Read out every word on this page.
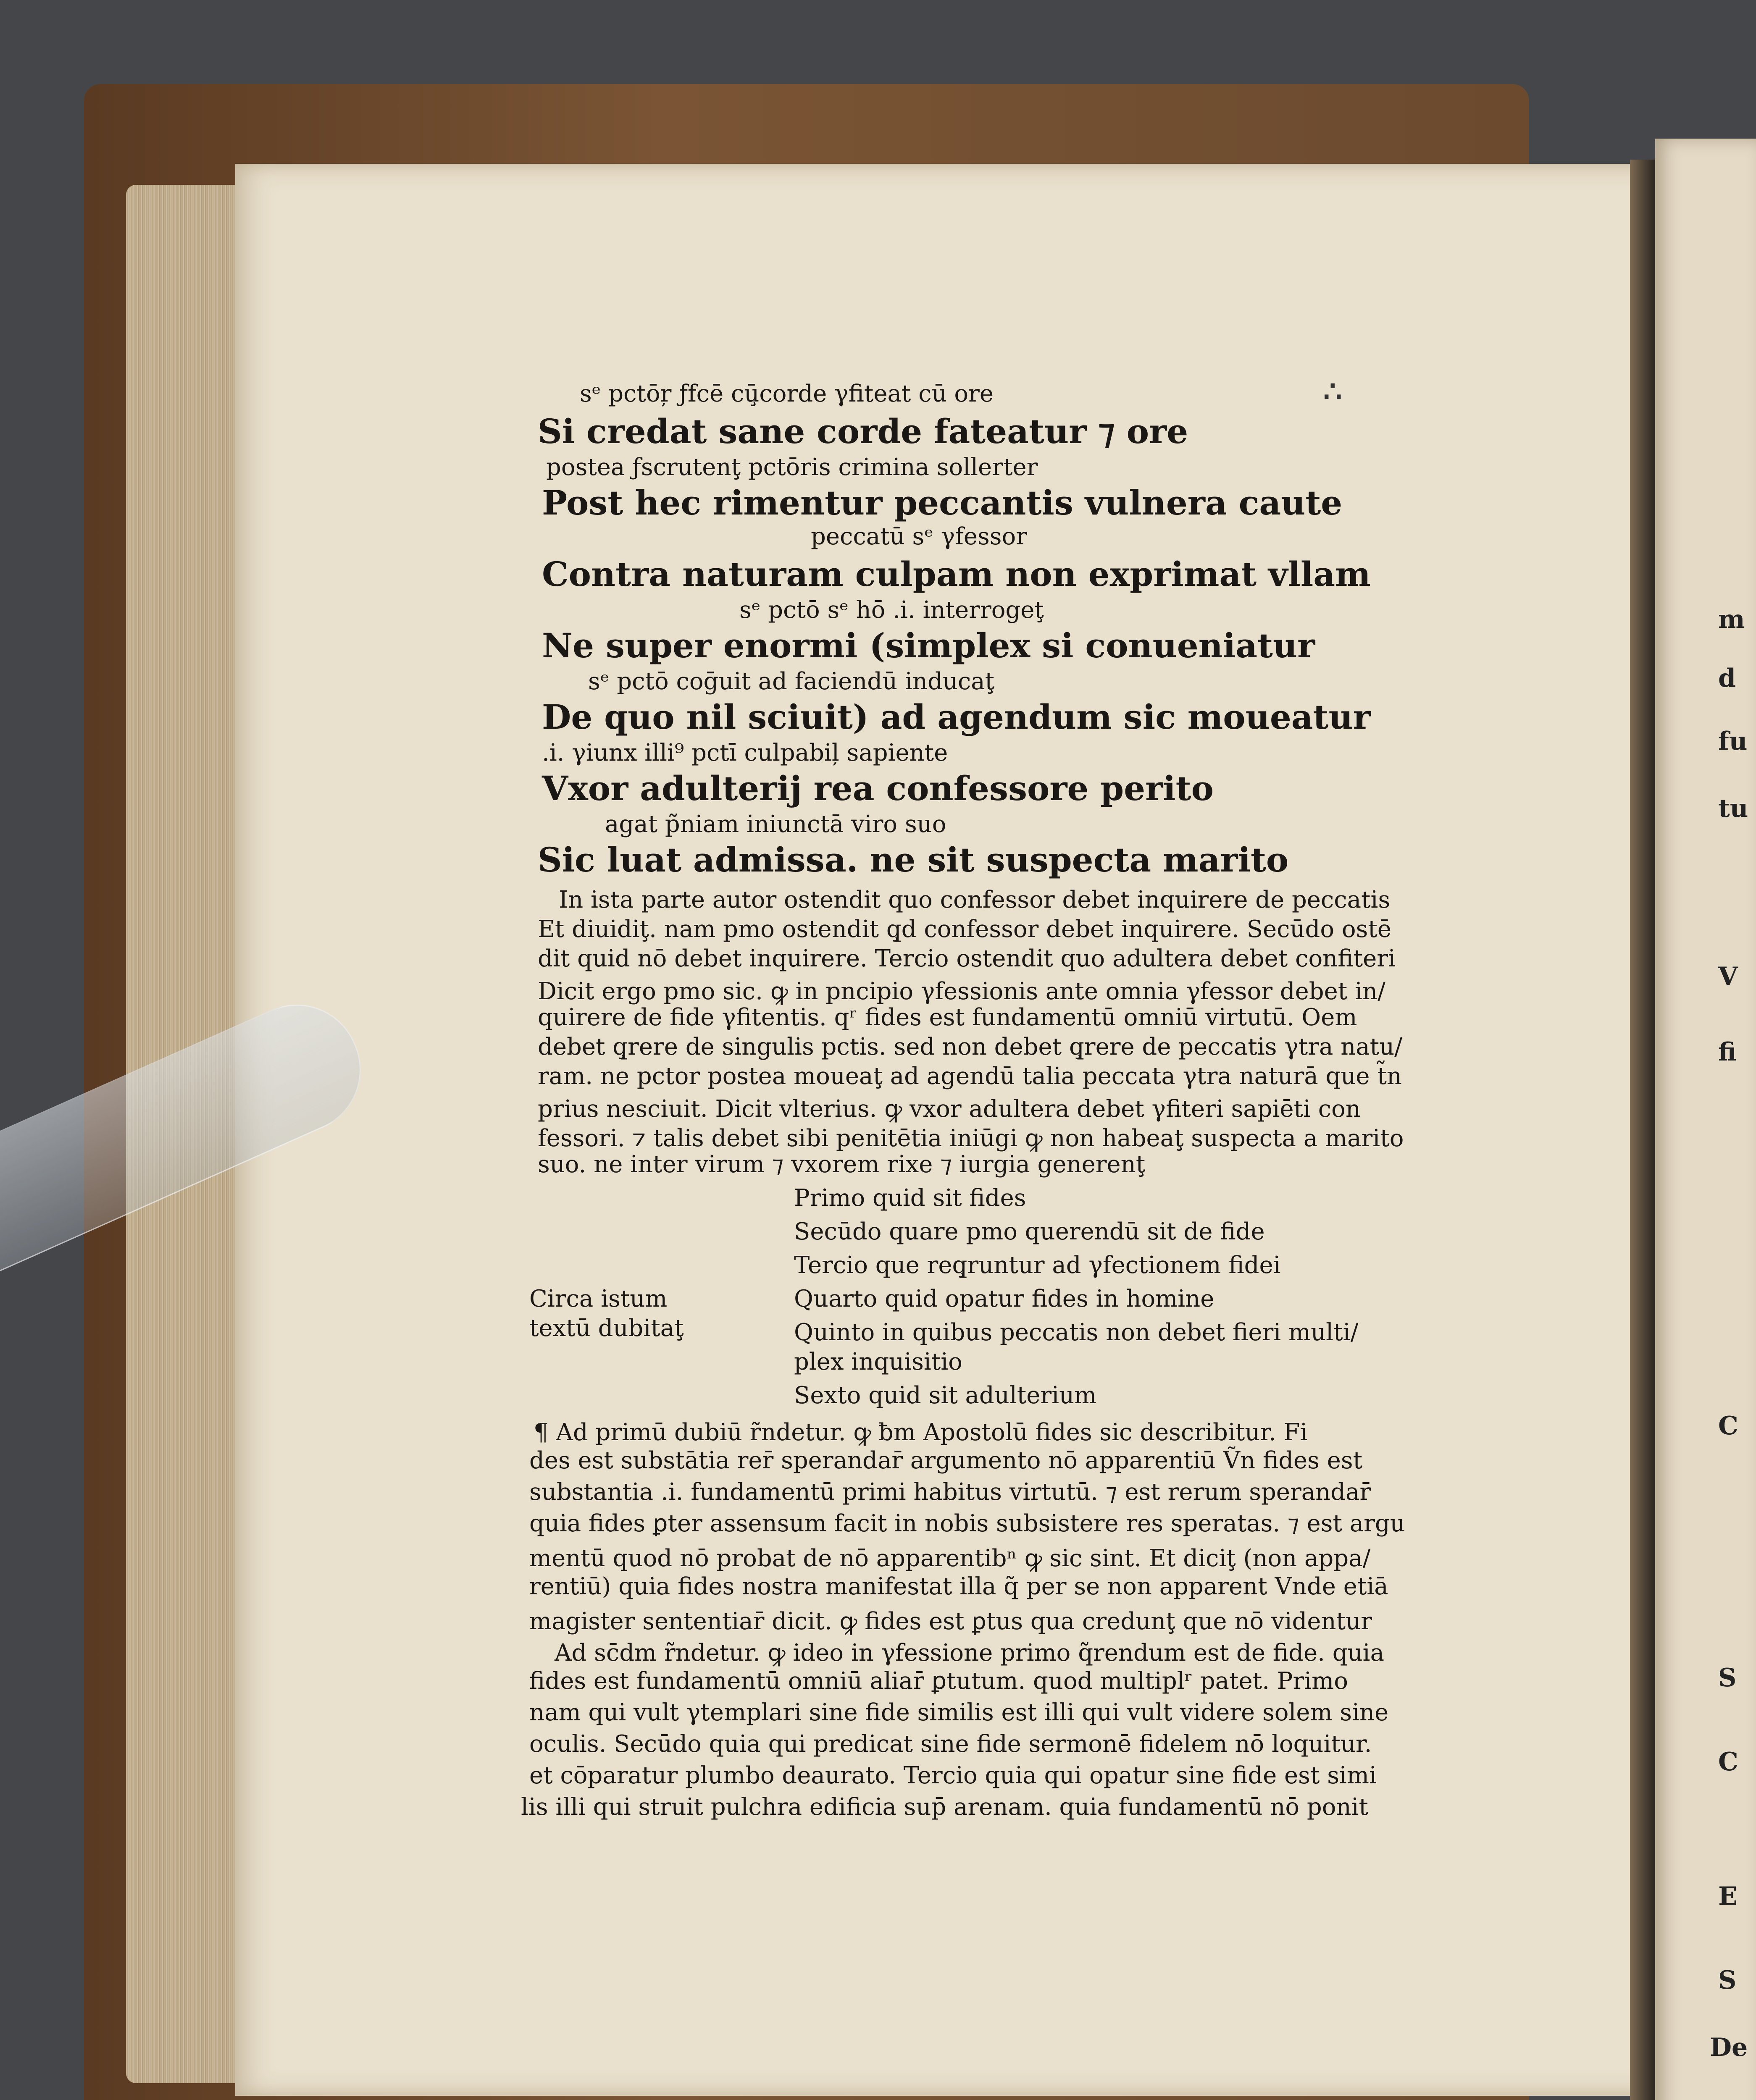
m
d
fu
tu
V
fi
C
S
C
E
S
De
sᵉ pctōŗ ƒfcē cū̧corde γfiteat cū ore
Si credat sane corde fateatur ⁊ ore
postea ƒscrutenţ pctōris crimina sollerter
Post hec rimentur peccantis vulnera caute
peccatū sᵉ γfessor
Contra naturam culpam non exprimat vllam
sᵉ pctō sᵉ hō .i. interrogeţ
Ne super enormi (simplex si conueniatur
sᵉ pctō coḡuit ad faciendū inducaţ
De quo nil sciuit) ad agendum sic moueatur
.i. γiunx illi⁹ pctī culpabiļ sapiente
Vxor adulterij rea confessore perito
agat p̃niam iniunctā viro suo
Sic luat admissa. ne sit suspecta marito
∴
In ista parte autor ostendit quo confessor debet inquirere de peccatis
Et diuidiţ. nam pmo ostendit q̧d confessor debet inquirere. Secūdo ostē
dit quid nō debet inquirere. Tercio ostendit quo adultera debet confiteri
Dicit ergo pmo sic. ꝙ in pncipio γfessionis ante omnia γfessor debet in/
quirere de fide γfitentis. qʳ fides est fundamentū omniū virtutū. Oem
debet q̧rere de singulis pctis. sed non debet q̧rere de peccatis γtra natu/
ram. ne pctor postea moueaţ ad agendū talia peccata γtra naturā que t̃n
prius nesciuit. Dicit vlterius. ꝙ vxor adultera debet γfiteri sapiēti con
fessori. ⁊ talis debet sibi penitētia iniūgi ꝙ non habeaţ suspecta a marito
suo. ne inter virum ⁊ vxorem rixe ⁊ iurgia generenţ
Circa istum
textū dubitaţ
Primo quid sit fides
Secūdo quare pmo querendū sit de fide
Tercio que req̧runtur ad γfectionem fidei
Quarto quid opatur fides in homine
Quinto in quibus peccatis non debet fieri multi/
plex inquisitio
Sexto quid sit adulterium
¶ Ad primū dubiū r̃ndetur. ꝙ ƀm Apostolū fides sic describitur. Fi
des est substātia rer̄ sperandar̄ argumento nō apparentiū Ṽn fides est
substantia .i. fundamentū primi habitus virtutū. ⁊ est rerum sperandar̄
quia fides ꝑter assensum facit in nobis subsistere res speratas. ⁊ est argu
mentū quod nō probat de nō apparentibⁿ ꝙ sic sint. Et diciţ (non appa/
rentiū) quia fides nostra manifestat illa q̃ per se non apparent Vnde etiā
magister sententiar̄ dicit. ꝙ fides est ꝑtus qua credunţ que nō videntur
Ad sc̄dm r̃ndetur. ꝙ ideo in γfessione primo q̃rendum est de fide. quia
fides est fundamentū omniū aliar̄ ꝑtutum. quod multiplʳ patet. Primo
nam qui vult γtemplari sine fide similis est illi qui vult videre solem sine
oculis. Secūdo quia qui predicat sine fide sermonē fidelem nō loquitur.
et cōparatur plumbo deaurato. Tercio quia qui opatur sine fide est simi
lis illi qui struit pulchra edificia sup̄ arenam. quia fundamentū nō ponit
